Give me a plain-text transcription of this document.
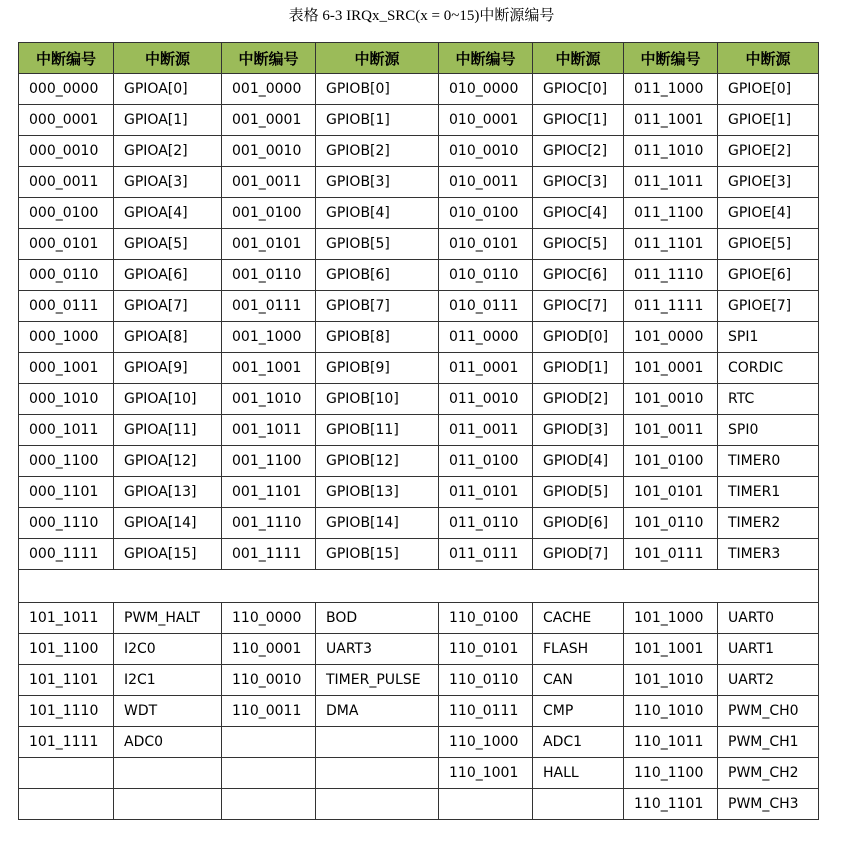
表格 6-3 IRQx_SRC(x = 0~15)中断源编号
中断编号	中断源	中断编号	中断源	中断编号	中断源	中断编号	中断源
000_0000	GPIOA[0]	001_0000	GPIOB[0]	010_0000	GPIOC[0]	011_1000	GPIOE[0]
000_0001	GPIOA[1]	001_0001	GPIOB[1]	010_0001	GPIOC[1]	011_1001	GPIOE[1]
000_0010	GPIOA[2]	001_0010	GPIOB[2]	010_0010	GPIOC[2]	011_1010	GPIOE[2]
000_0011	GPIOA[3]	001_0011	GPIOB[3]	010_0011	GPIOC[3]	011_1011	GPIOE[3]
000_0100	GPIOA[4]	001_0100	GPIOB[4]	010_0100	GPIOC[4]	011_1100	GPIOE[4]
000_0101	GPIOA[5]	001_0101	GPIOB[5]	010_0101	GPIOC[5]	011_1101	GPIOE[5]
000_0110	GPIOA[6]	001_0110	GPIOB[6]	010_0110	GPIOC[6]	011_1110	GPIOE[6]
000_0111	GPIOA[7]	001_0111	GPIOB[7]	010_0111	GPIOC[7]	011_1111	GPIOE[7]
000_1000	GPIOA[8]	001_1000	GPIOB[8]	011_0000	GPIOD[0]	101_0000	SPI1
000_1001	GPIOA[9]	001_1001	GPIOB[9]	011_0001	GPIOD[1]	101_0001	CORDIC
000_1010	GPIOA[10]	001_1010	GPIOB[10]	011_0010	GPIOD[2]	101_0010	RTC
000_1011	GPIOA[11]	001_1011	GPIOB[11]	011_0011	GPIOD[3]	101_0011	SPI0
000_1100	GPIOA[12]	001_1100	GPIOB[12]	011_0100	GPIOD[4]	101_0100	TIMER0
000_1101	GPIOA[13]	001_1101	GPIOB[13]	011_0101	GPIOD[5]	101_0101	TIMER1
000_1110	GPIOA[14]	001_1110	GPIOB[14]	011_0110	GPIOD[6]	101_0110	TIMER2
000_1111	GPIOA[15]	001_1111	GPIOB[15]	011_0111	GPIOD[7]	101_0111	TIMER3

101_1011	PWM_HALT	110_0000	BOD	110_0100	CACHE	101_1000	UART0
101_1100	I2C0	110_0001	UART3	110_0101	FLASH	101_1001	UART1
101_1101	I2C1	110_0010	TIMER_PULSE	110_0110	CAN	101_1010	UART2
101_1110	WDT	110_0011	DMA	110_0111	CMP	110_1010	PWM_CH0
101_1111	ADC0			110_1000	ADC1	110_1011	PWM_CH1
				110_1001	HALL	110_1100	PWM_CH2
						110_1101	PWM_CH3
